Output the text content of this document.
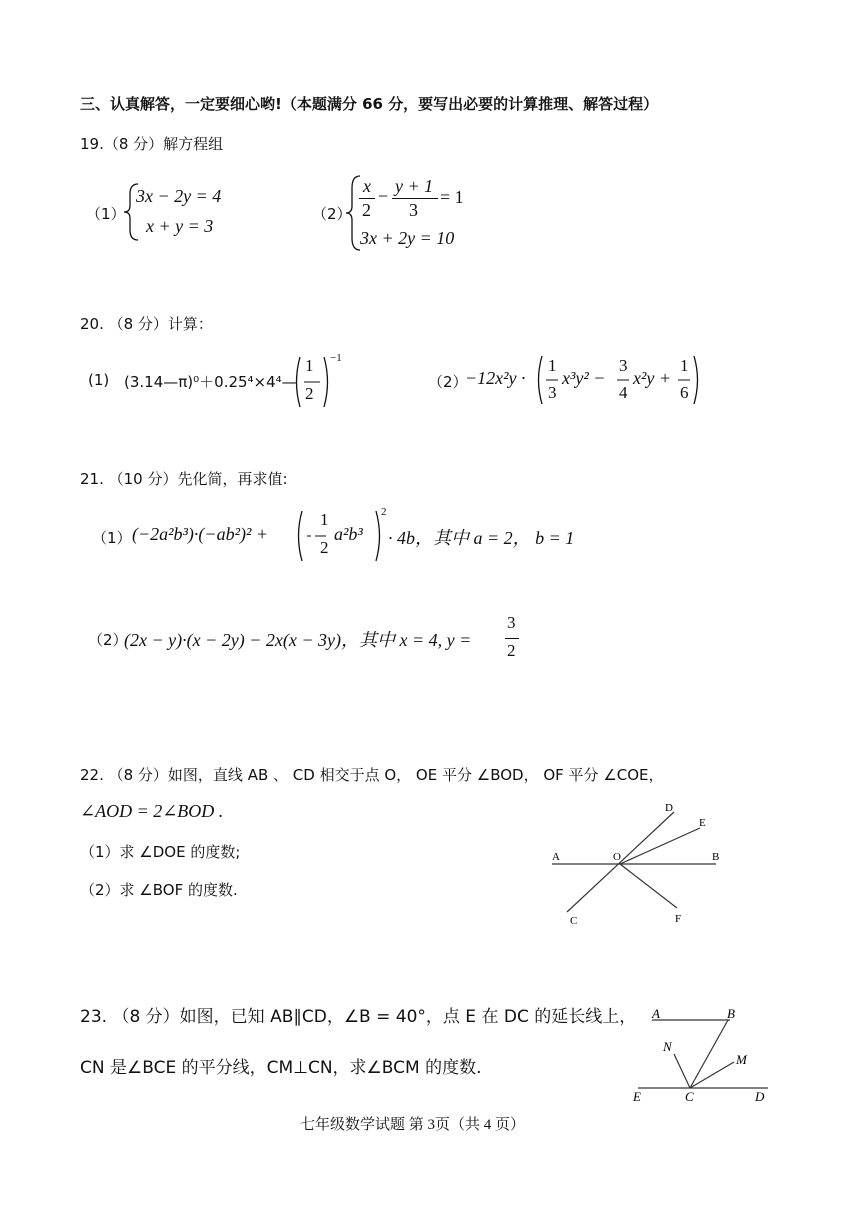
三、认真解答，一定要细心哟!（本题满分 66 分，要写出必要的计算推理、解答过程）
19.（8 分）解方程组
（1）
3x − 2y = 4
x + y = 3
（2）
x
2
− y + 1
3
= 1
3x + 2y = 10
20. （8 分）计算：
(1) (3.14—π)⁰＋0.25⁴×4⁴—
1
2
−1
（2）
−12x²y ·
1
3
x³y² −
3
4
x²y +
1
6
21. （10 分）先化简，再求值:
（1） (−2a²b³)·(−ab²)² +
1
2
a²b³
2
· 4b，其中 a = 2， b = 1
（2）
(2x − y)·(x − 2y) − 2x(x − 3y)，其中 x = 4, y =
3
2
22. （8 分）如图，直线 AB 、 CD 相交于点 O， OE 平分 ∠BOD， OF 平分 ∠COE，
∠AOD = 2∠BOD .
（1）求 ∠DOE 的度数;
（2）求 ∠BOF 的度数.
A	O	B
C
D
E
F
23. （8 分）如图，已知 AB∥CD，∠B = 40°，点 E 在 DC 的延长线上，
CN 是∠BCE 的平分线，CM⊥CN，求∠BCM 的度数.
A	B
N
M
E	C	D
七年级数学试题 第 3页（共 4 页）
